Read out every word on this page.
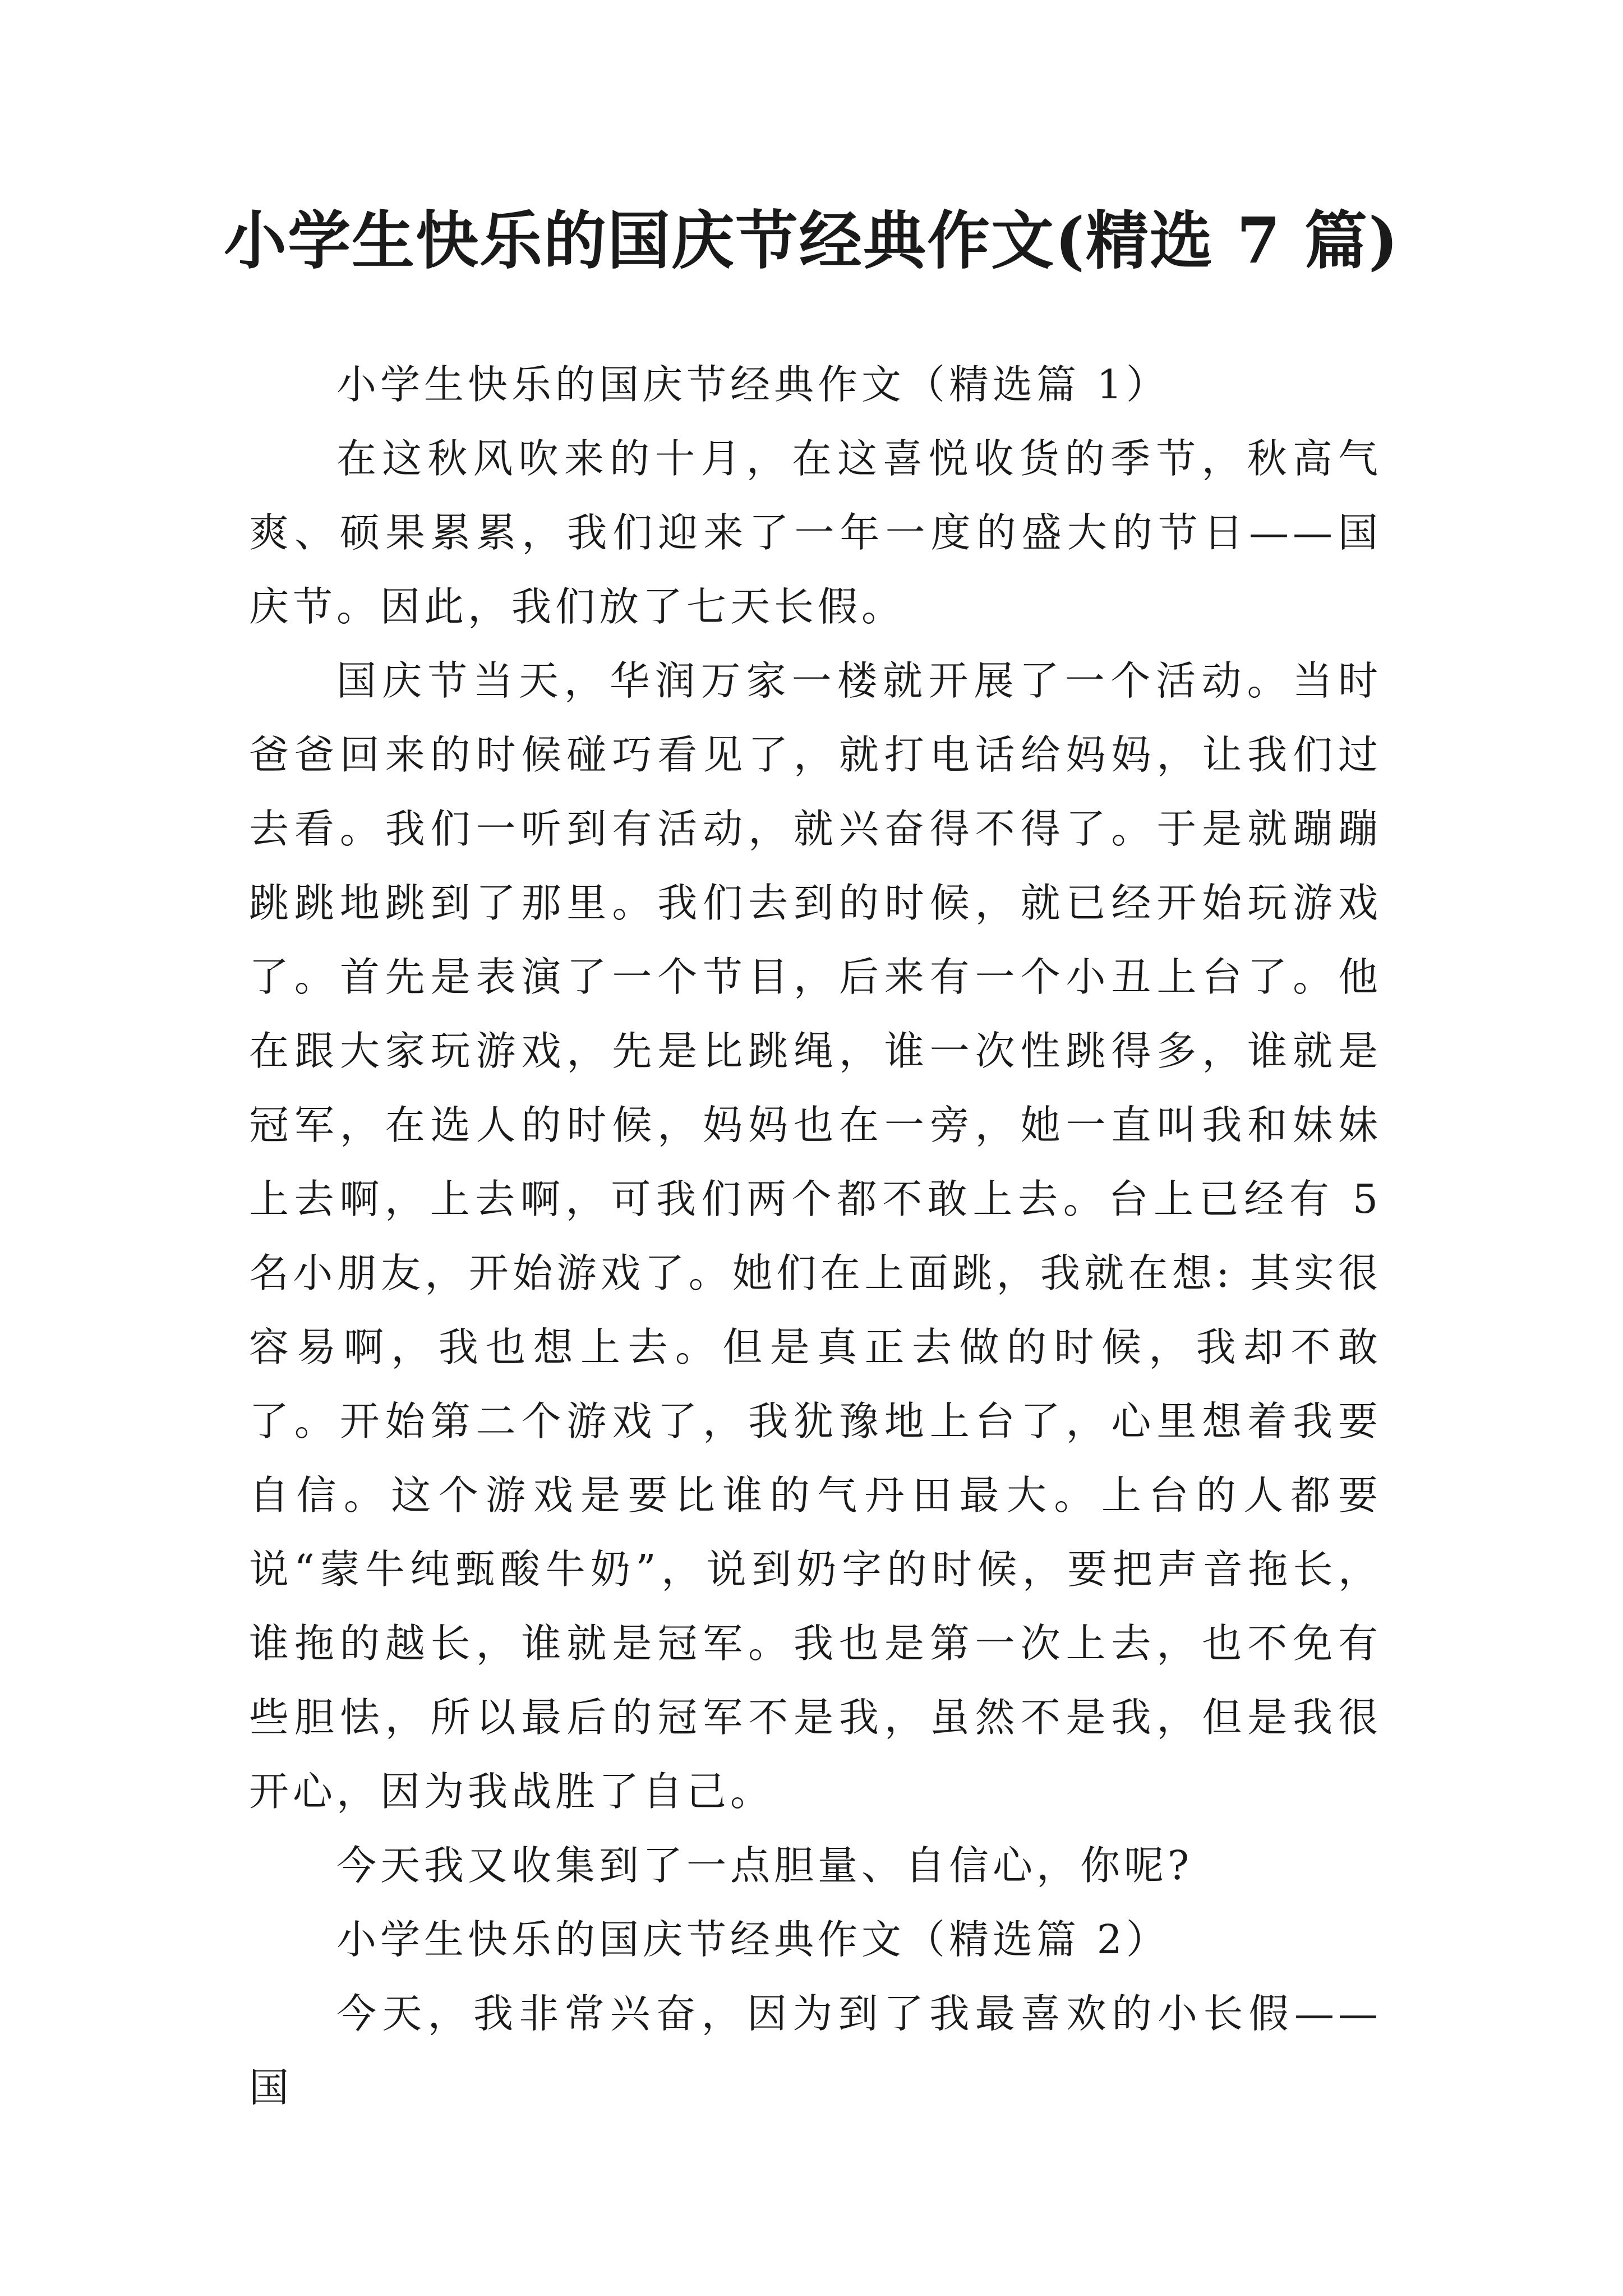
小学生快乐的国庆节经典作文(精选 7 篇)

小学生快乐的国庆节经典作文（精选篇 1）

在这秋风吹来的十月，在这喜悦收货的季节，秋高气爽、硕果累累，我们迎来了一年一度的盛大的节日——国庆节。因此，我们放了七天长假。

国庆节当天，华润万家一楼就开展了一个活动。当时爸爸回来的时候碰巧看见了，就打电话给妈妈，让我们过去看。我们一听到有活动，就兴奋得不得了。于是就蹦蹦跳跳地跳到了那里。我们去到的时候，就已经开始玩游戏了。首先是表演了一个节目，后来有一个小丑上台了。他在跟大家玩游戏，先是比跳绳，谁一次性跳得多，谁就是冠军，在选人的时候，妈妈也在一旁，她一直叫我和妹妹上去啊，上去啊，可我们两个都不敢上去。台上已经有 5 名小朋友，开始游戏了。她们在上面跳，我就在想: 其实很容易啊，我也想上去。但是真正去做的时候，我却不敢了。开始第二个游戏了，我犹豫地上台了，心里想着我要自信。这个游戏是要比谁的气丹田最大。上台的人都要说“蒙牛纯甄酸牛奶”，说到奶字的时候，要把声音拖长，谁拖的越长，谁就是冠军。我也是第一次上去，也不免有些胆怯，所以最后的冠军不是我，虽然不是我，但是我很开心，因为我战胜了自己。

今天我又收集到了一点胆量、自信心，你呢?

小学生快乐的国庆节经典作文（精选篇 2）

今天，我非常兴奋，因为到了我最喜欢的小长假——国
